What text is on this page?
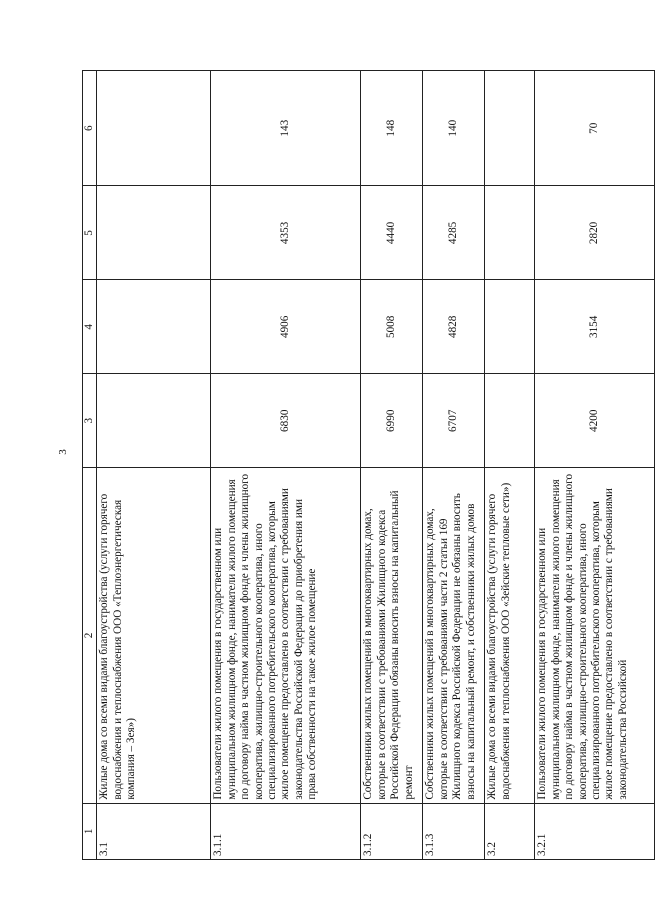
3
1	2	3	4	5	6
3.1	Жилые дома со всеми видами благоустройства (услуги горячего водоснабжения и теплоснабжения ООО «Теплоэнергетическая компания – Зея»)				
3.1.1	Пользователи жилого помещения в государственном или муниципальном жилищном фонде, наниматели жилого помещения по договору найма в частном жилищном фонде и члены жилищного кооператива, жилищно-строительного кооператива, иного специализированного потребительского кооператива, которым жилое помещение предоставлено в соответствии с требованиями законодательства Российской Федерации до приобретения ими права собственности на такое жилое помещение	6830	4906	4353	143
3.1.2	Собственники жилых помещений в многоквартирных домах, которые в соответствии с требованиями Жилищного кодекса Российской Федерации обязаны вносить взносы на капитальный ремонт	6990	5008	4440	148
3.1.3	Собственники жилых помещений в многоквартирных домах, которые в соответствии с требованиями части 2 статьи 169 Жилищного кодекса Российской Федерации не обязаны вносить взносы на капитальный ремонт, и собственники жилых домов	6707	4828	4285	140
3.2	Жилые дома со всеми видами благоустройства (услуги горячего водоснабжения и теплоснабжения ООО «Зейские тепловые сети»)				
3.2.1	Пользователи жилого помещения в государственном или муниципальном жилищном фонде, наниматели жилого помещения по договору найма в частном жилищном фонде и члены жилищного кооператива, жилищно-строительного кооператива, иного специализированного потребительского кооператива, которым жилое помещение предоставлено в соответствии с требованиями законодательства Российской	4200	3154	2820	70
